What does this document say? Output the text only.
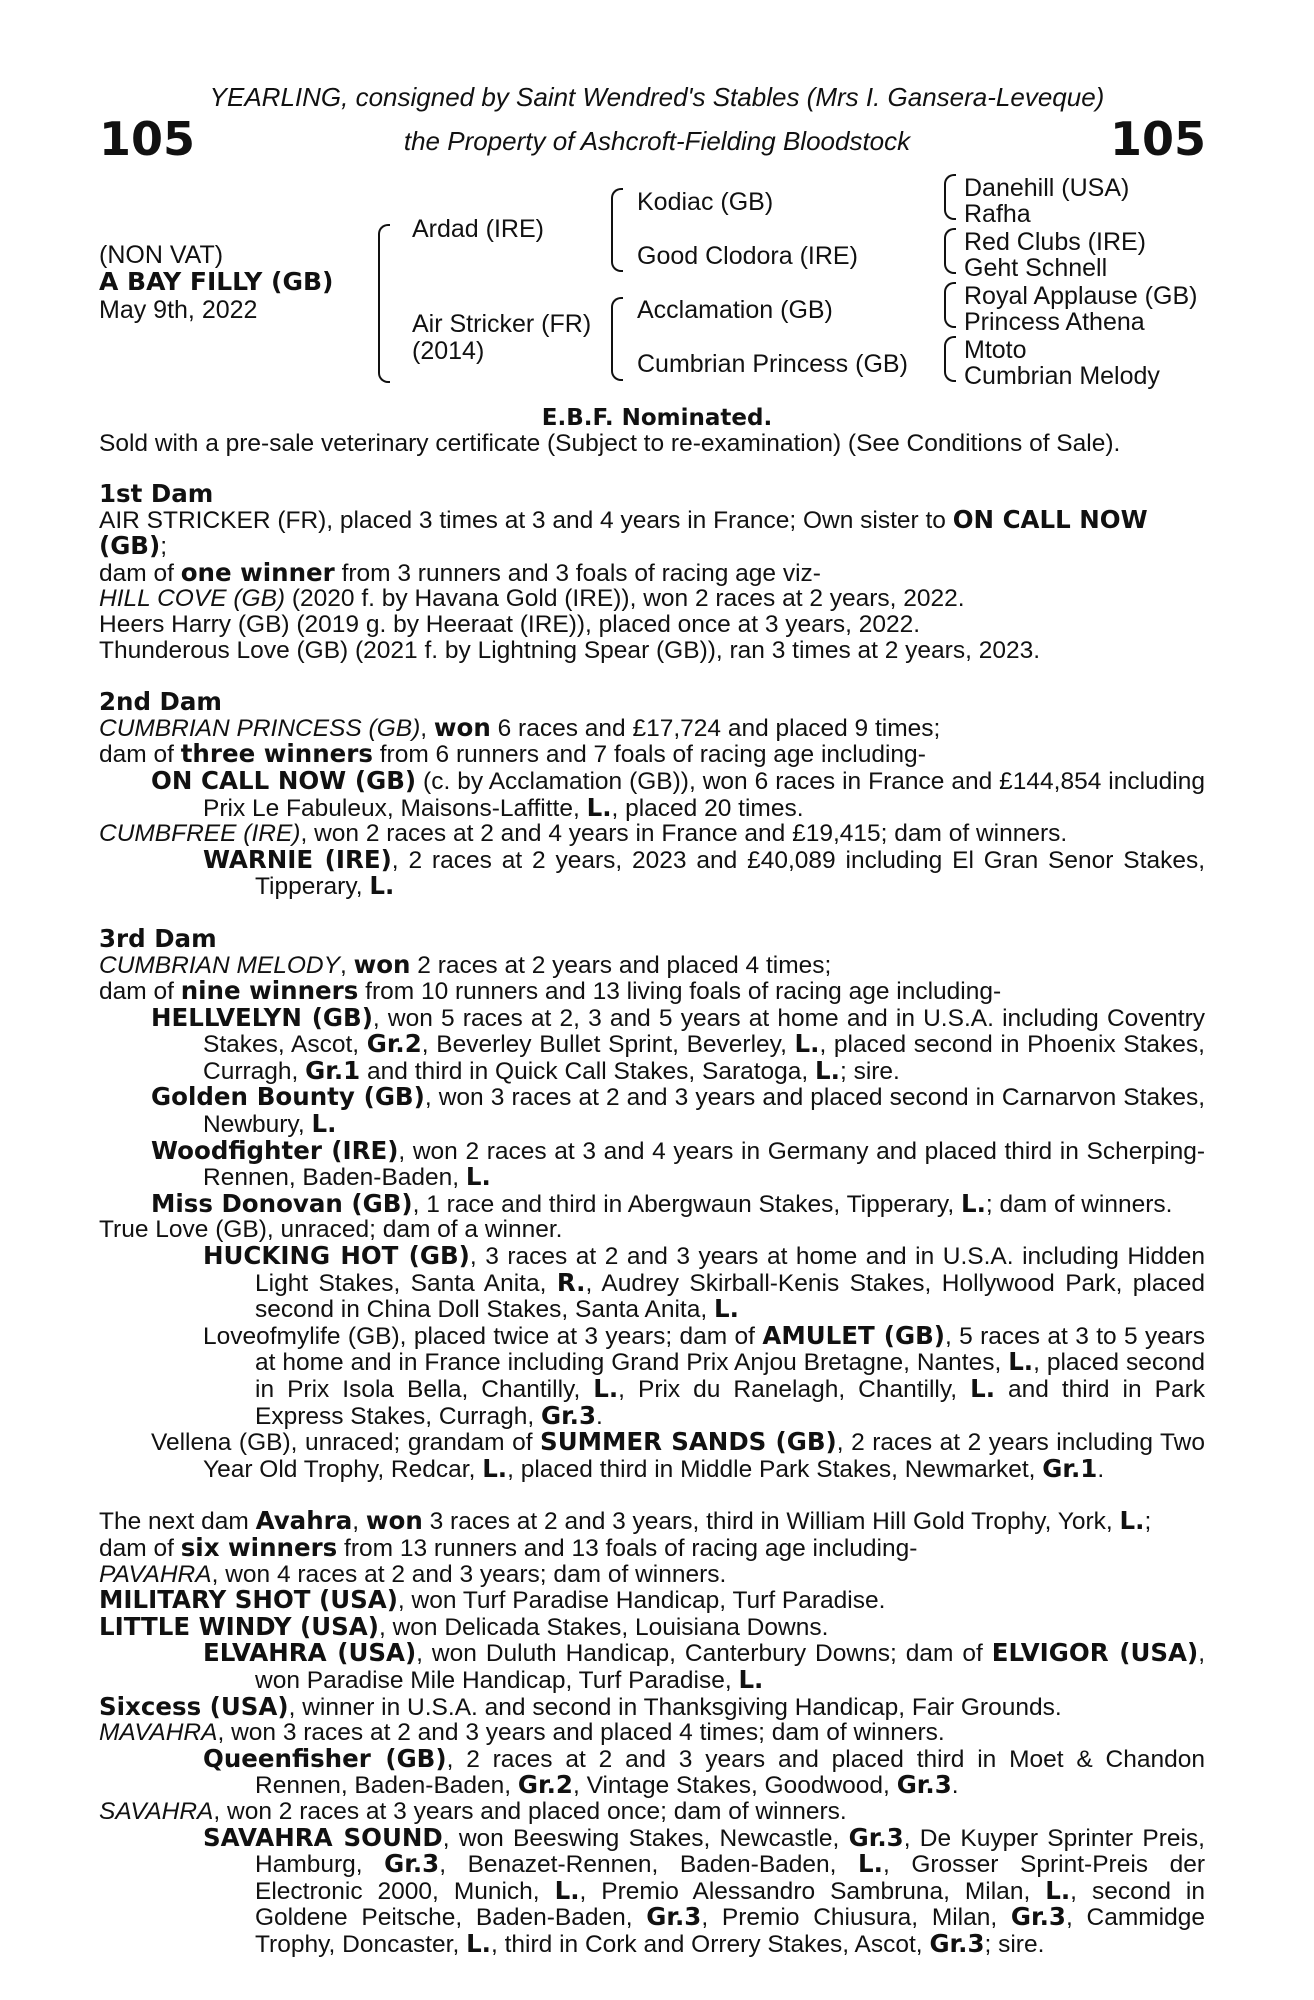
YEARLING, consigned by Saint Wendred's Stables (Mrs I. Gansera-Leveque)
the Property of Ashcroft-Fielding Bloodstock
105	105
(NON VAT)
A BAY FILLY (GB)
May 9th, 2022
Ardad (IRE)
Air Stricker (FR)
(2014)
Kodiac (GB)
Good Clodora (IRE)
Acclamation (GB)
Cumbrian Princess (GB)
Danehill (USA)
Rafha
Red Clubs (IRE)
Geht Schnell
Royal Applause (GB)
Princess Athena
Mtoto
Cumbrian Melody
E.B.F. Nominated.
Sold with a pre-sale veterinary certificate (Subject to re-examination) (See Conditions of Sale).

1st Dam

AIR STRICKER (FR), placed 3 times at 3 and 4 years in France; Own sister to ON CALL NOW

(GB);

dam of one winner from 3 runners and 3 foals of racing age viz-

HILL COVE (GB) (2020 f. by Havana Gold (IRE)), won 2 races at 2 years, 2022.

Heers Harry (GB) (2019 g. by Heeraat (IRE)), placed once at 3 years, 2022.

Thunderous Love (GB) (2021 f. by Lightning Spear (GB)), ran 3 times at 2 years, 2023.

2nd Dam

CUMBRIAN PRINCESS (GB), won 6 races and £17,724 and placed 9 times;

dam of three winners from 6 runners and 7 foals of racing age including-

ON CALL NOW (GB) (c. by Acclamation (GB)), won 6 races in France and £144,854 including Prix Le Fabuleux, Maisons-Laffitte, L., placed 20 times.

CUMBFREE (IRE), won 2 races at 2 and 4 years in France and £19,415; dam of winners.

WARNIE (IRE), 2 races at 2 years, 2023 and £40,089 including El Gran Senor Stakes, Tipperary, L.

3rd Dam

CUMBRIAN MELODY, won 2 races at 2 years and placed 4 times;

dam of nine winners from 10 runners and 13 living foals of racing age including-

HELLVELYN (GB), won 5 races at 2, 3 and 5 years at home and in U.S.A. including Coventry Stakes, Ascot, Gr.2, Beverley Bullet Sprint, Beverley, L., placed second in Phoenix Stakes, Curragh, Gr.1 and third in Quick Call Stakes, Saratoga, L.; sire.

Golden Bounty (GB), won 3 races at 2 and 3 years and placed second in Carnarvon Stakes, Newbury, L.

Woodfighter (IRE), won 2 races at 3 and 4 years in Germany and placed third in Scherping-Rennen, Baden-Baden, L.

Miss Donovan (GB), 1 race and third in Abergwaun Stakes, Tipperary, L.; dam of winners.

True Love (GB), unraced; dam of a winner.

HUCKING HOT (GB), 3 races at 2 and 3 years at home and in U.S.A. including Hidden Light Stakes, Santa Anita, R., Audrey Skirball-Kenis Stakes, Hollywood Park, placed second in China Doll Stakes, Santa Anita, L.

Loveofmylife (GB), placed twice at 3 years; dam of AMULET (GB), 5 races at 3 to 5 years at home and in France including Grand Prix Anjou Bretagne, Nantes, L., placed second in Prix Isola Bella, Chantilly, L., Prix du Ranelagh, Chantilly, L. and third in Park Express Stakes, Curragh, Gr.3.

Vellena (GB), unraced; grandam of SUMMER SANDS (GB), 2 races at 2 years including Two Year Old Trophy, Redcar, L., placed third in Middle Park Stakes, Newmarket, Gr.1.

The next dam Avahra, won 3 races at 2 and 3 years, third in William Hill Gold Trophy, York, L.;

dam of six winners from 13 runners and 13 foals of racing age including-

PAVAHRA, won 4 races at 2 and 3 years; dam of winners.

MILITARY SHOT (USA), won Turf Paradise Handicap, Turf Paradise.

LITTLE WINDY (USA), won Delicada Stakes, Louisiana Downs.

ELVAHRA (USA), won Duluth Handicap, Canterbury Downs; dam of ELVIGOR (USA), won Paradise Mile Handicap, Turf Paradise, L.

Sixcess (USA), winner in U.S.A. and second in Thanksgiving Handicap, Fair Grounds.

MAVAHRA, won 3 races at 2 and 3 years and placed 4 times; dam of winners.

Queenfisher (GB), 2 races at 2 and 3 years and placed third in Moet & Chandon Rennen, Baden-Baden, Gr.2, Vintage Stakes, Goodwood, Gr.3.

SAVAHRA, won 2 races at 3 years and placed once; dam of winners.

SAVAHRA SOUND, won Beeswing Stakes, Newcastle, Gr.3, De Kuyper Sprinter Preis, Hamburg, Gr.3, Benazet-Rennen, Baden-Baden, L., Grosser Sprint-Preis der Electronic 2000, Munich, L., Premio Alessandro Sambruna, Milan, L., second in Goldene Peitsche, Baden-Baden, Gr.3, Premio Chiusura, Milan, Gr.3, Cammidge Trophy, Doncaster, L., third in Cork and Orrery Stakes, Ascot, Gr.3; sire.
